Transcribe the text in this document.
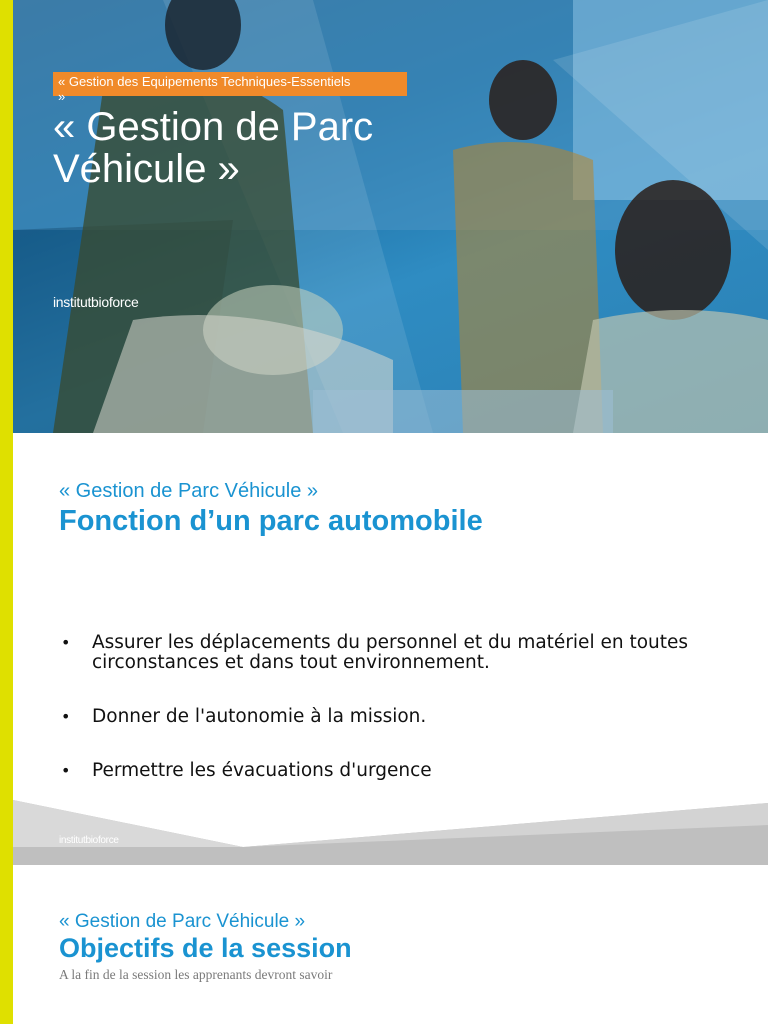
« Gestion des Equipements Techniques-Essentiels »
« Gestion de Parc Véhicule »
institutbioforce
« Gestion de Parc Véhicule »
Fonction d’un parc automobile
• Assurer les déplacements du personnel et du matériel en toutes circonstances et dans tout environnement.
• Donner de l'autonomie à la mission.
• Permettre les évacuations d'urgence
institutbioforce
« Gestion de Parc Véhicule »
Objectifs de la session
A la fin de la session les apprenants devront savoir
